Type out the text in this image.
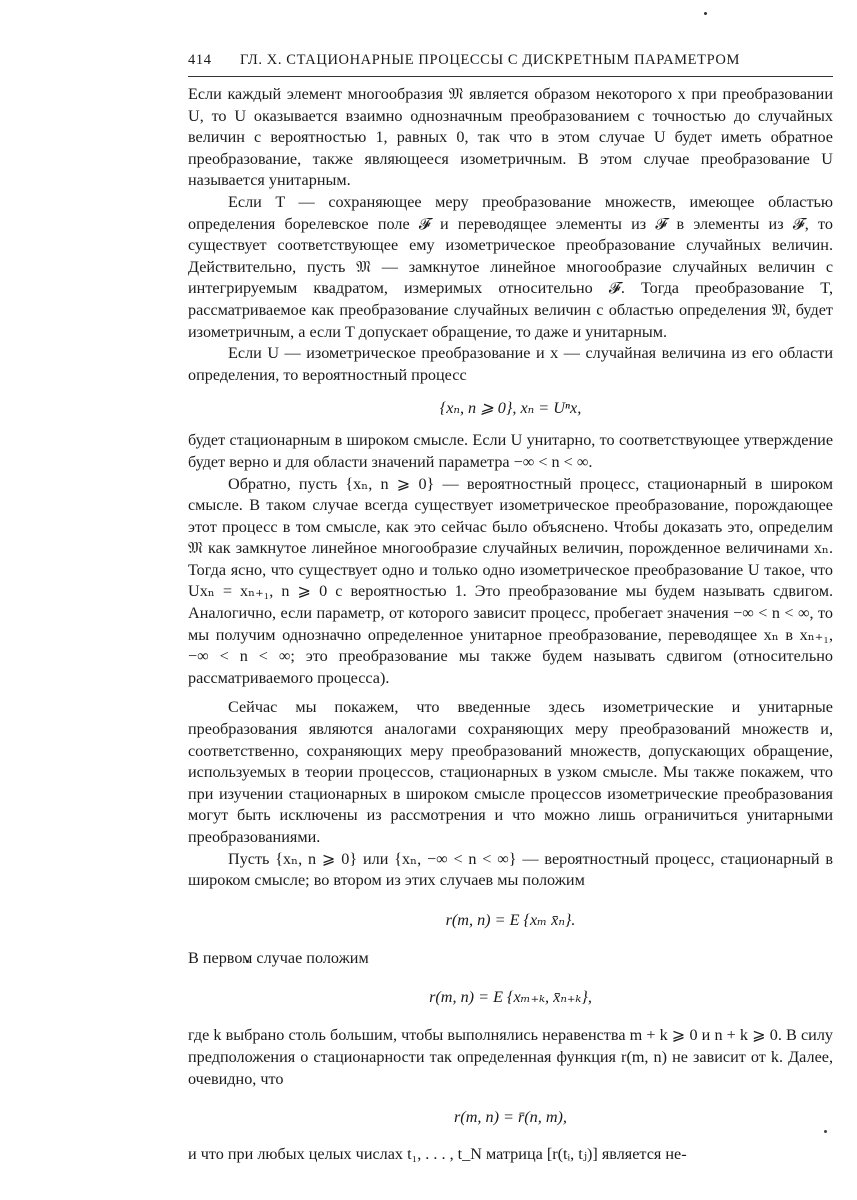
414	ГЛ. X. СТАЦИОНАРНЫЕ ПРОЦЕССЫ С ДИСКРЕТНЫМ ПАРАМЕТРОМ

Если каждый элемент многообразия 𝔐 является образом некоторого x при преобразовании U, то U оказывается взаимно однозначным преобразованием с точностью до случайных величин с вероятностью 1, равных 0, так что в этом случае U будет иметь обратное преобразование, также являющееся изометричным. В этом случае преобразование U называется унитарным.

Если T — сохраняющее меру преобразование множеств, имеющее областью определения борелевское поле 𝓕 и переводящее элементы из 𝓕 в элементы из 𝓕, то существует соответствующее ему изометрическое преобразование случайных величин. Действительно, пусть 𝔐 — замкнутое линейное многообразие случайных величин с интегрируемым квадратом, измеримых относительно 𝓕. Тогда преобразование T, рассматриваемое как преобразование случайных величин с областью определения 𝔐, будет изометричным, а если T допускает обращение, то даже и унитарным.

Если U — изометрическое преобразование и x — случайная величина из его области определения, то вероятностный процесс

{xₙ, n ⩾ 0}, xₙ = Uⁿx,

будет стационарным в широком смысле. Если U унитарно, то соответствующее утверждение будет верно и для области значений параметра −∞ < n < ∞.

Обратно, пусть {xₙ, n ⩾ 0} — вероятностный процесс, стационарный в широком смысле. В таком случае всегда существует изометрическое преобразование, порождающее этот процесс в том смысле, как это сейчас было объяснено. Чтобы доказать это, определим 𝔐 как замкнутое линейное многообразие случайных величин, порожденное величинами xₙ. Тогда ясно, что существует одно и только одно изометрическое преобразование U такое, что Uxₙ = xₙ₊₁, n ⩾ 0 с вероятностью 1. Это преобразование мы будем называть сдвигом. Аналогично, если параметр, от которого зависит процесс, пробегает значения −∞ < n < ∞, то мы получим однозначно определенное унитарное преобразование, переводящее xₙ в xₙ₊₁, −∞ < n < ∞; это преобразование мы также будем называть сдвигом (относительно рассматриваемого процесса).

Сейчас мы покажем, что введенные здесь изометрические и унитарные преобразования являются аналогами сохраняющих меру преобразований множеств и, соответственно, сохраняющих меру преобразований множеств, допускающих обращение, используемых в теории процессов, стационарных в узком смысле. Мы также покажем, что при изучении стационарных в широком смысле процессов изометрические преобразования могут быть исключены из рассмотрения и что можно лишь ограничиться унитарными преобразованиями.

Пусть {xₙ, n ⩾ 0} или {xₙ, −∞ < n < ∞} — вероятностный процесс, стационарный в широком смысле; во втором из этих случаев мы положим

r(m, n) = E {xₘ x̄ₙ}.

В первом случае положим

r(m, n) = E {xₘ₊ₖ, x̄ₙ₊ₖ},

где k выбрано столь большим, чтобы выполнялись неравенства m + k ⩾ 0 и n + k ⩾ 0. В силу предположения о стационарности так определенная функция r(m, n) не зависит от k. Далее, очевидно, что

r(m, n) = r̄(n, m),

и что при любых целых числах t₁, . . . , t_N матрица [r(tᵢ, tⱼ)] является не-
